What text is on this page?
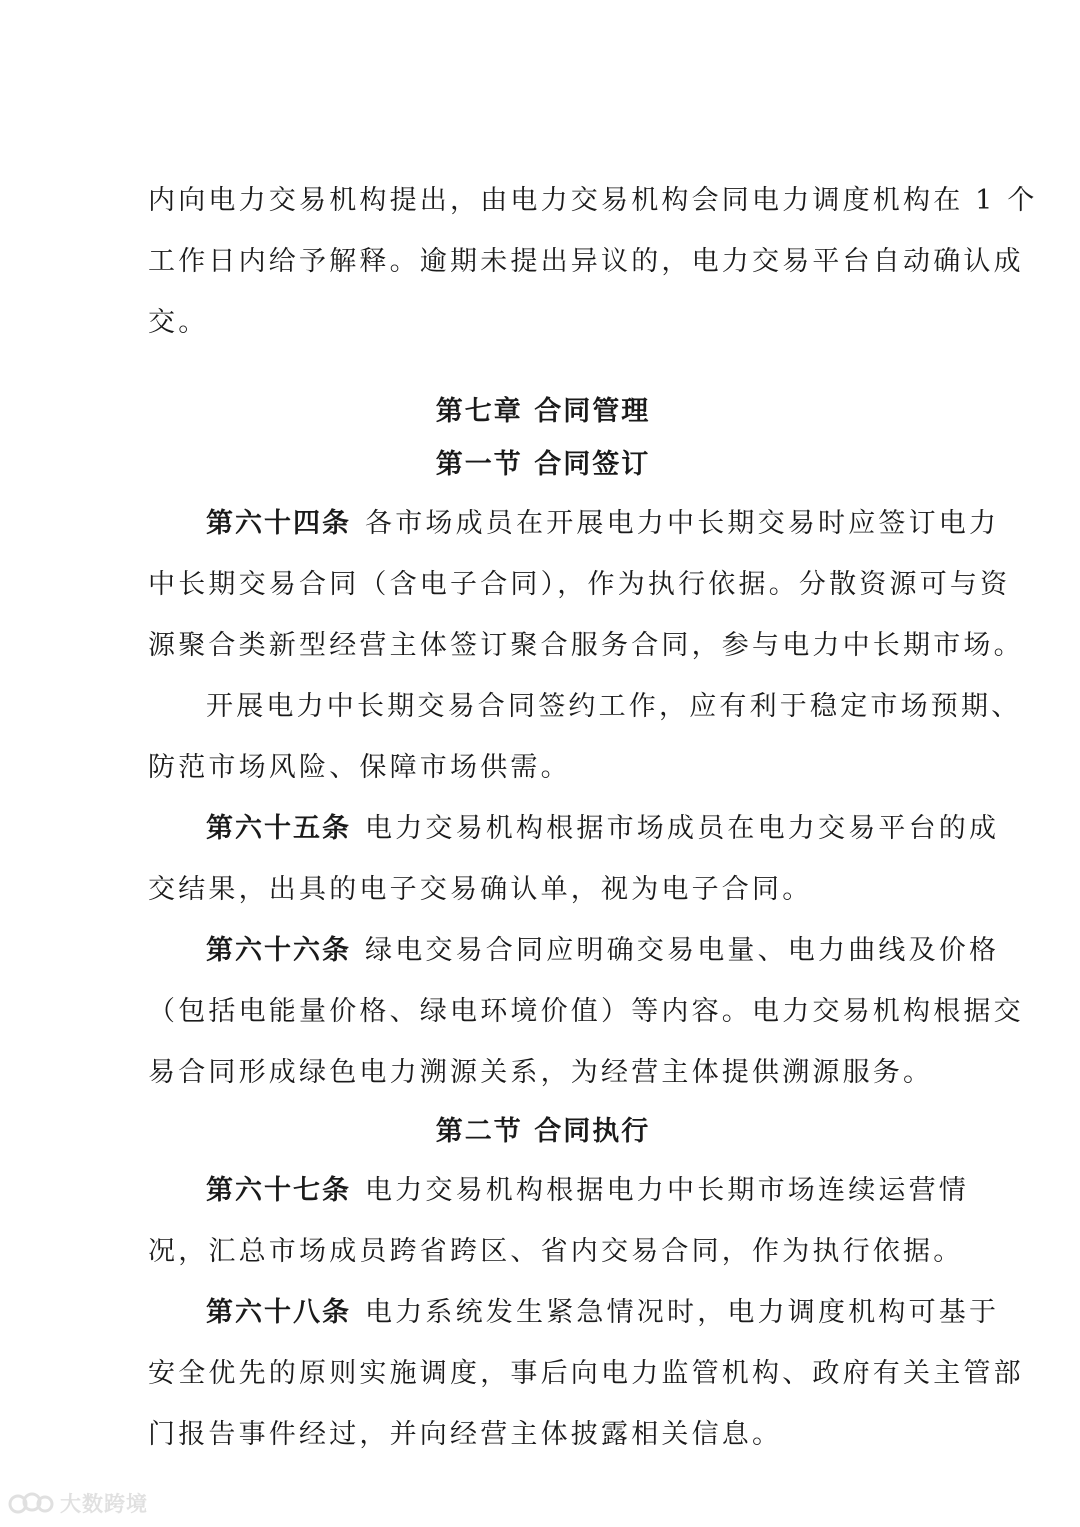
内向电力交易机构提出，由电力交易机构会同电力调度机构在 1 个
工作日内给予解释。逾期未提出异议的，电力交易平台自动确认成
交。
第七章 合同管理
第一节 合同签订
第六十四条 各市场成员在开展电力中长期交易时应签订电力
中长期交易合同（含电子合同），作为执行依据。分散资源可与资
源聚合类新型经营主体签订聚合服务合同，参与电力中长期市场。
开展电力中长期交易合同签约工作，应有利于稳定市场预期、
防范市场风险、保障市场供需。
第六十五条 电力交易机构根据市场成员在电力交易平台的成
交结果，出具的电子交易确认单，视为电子合同。
第六十六条 绿电交易合同应明确交易电量、电力曲线及价格
（包括电能量价格、绿电环境价值）等内容。电力交易机构根据交
易合同形成绿色电力溯源关系，为经营主体提供溯源服务。
第二节 合同执行
第六十七条 电力交易机构根据电力中长期市场连续运营情
况，汇总市场成员跨省跨区、省内交易合同，作为执行依据。
第六十八条 电力系统发生紧急情况时，电力调度机构可基于
安全优先的原则实施调度，事后向电力监管机构、政府有关主管部
门报告事件经过，并向经营主体披露相关信息。
大数跨境
